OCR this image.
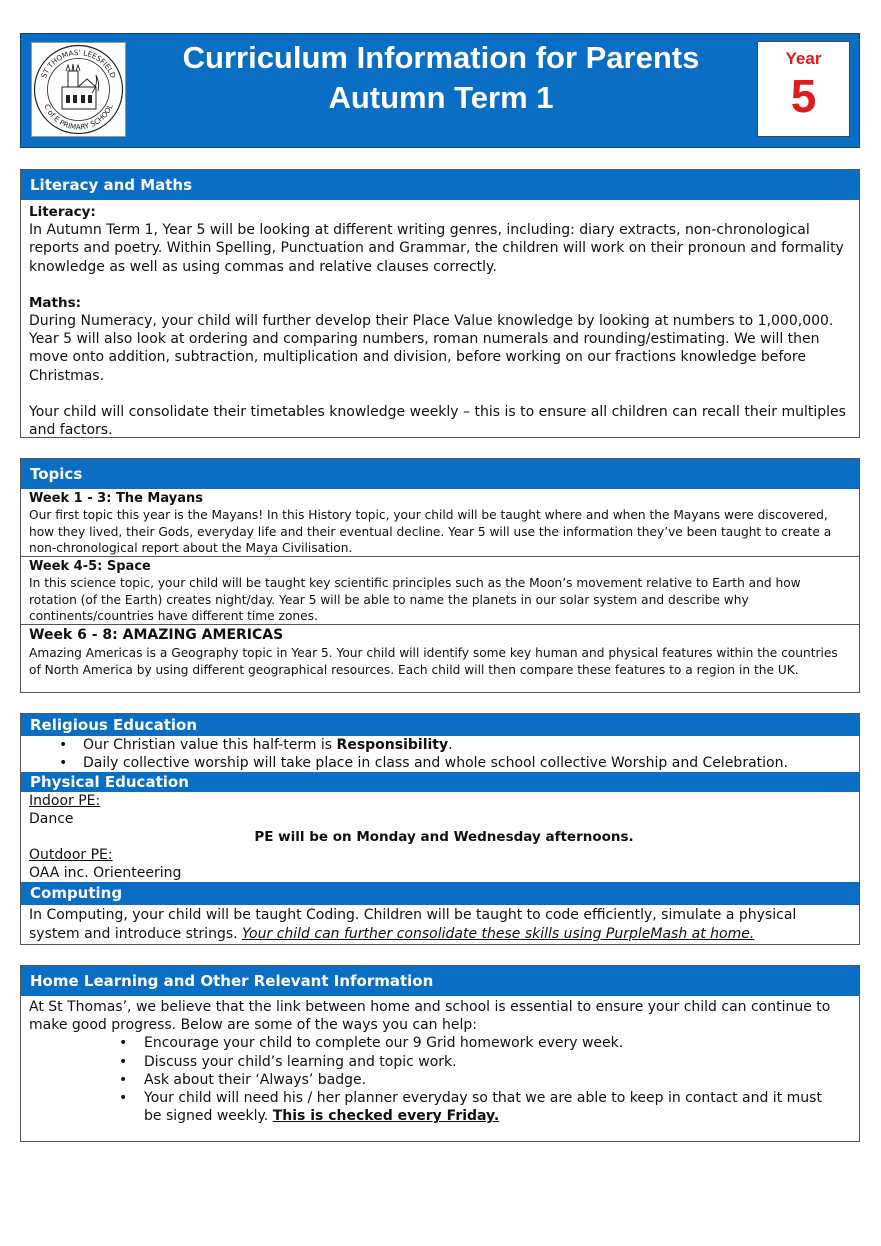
ST THOMAS' LEESFIELD
C of E PRIMARY SCHOOL
Curriculum Information for Parents
Autumn Term 1
Year
5
Literacy and Maths
Literacy:
In Autumn Term 1, Year 5 will be looking at different writing genres, including: diary extracts, non-chronological reports and poetry. Within Spelling, Punctuation and Grammar, the children will work on their pronoun and formality knowledge as well as using commas and relative clauses correctly.
Maths:
During Numeracy, your child will further develop their Place Value knowledge by looking at numbers to 1,000,000. Year 5 will also look at ordering and comparing numbers, roman numerals and rounding/estimating. We will then move onto addition, subtraction, multiplication and division, before working on our fractions knowledge before Christmas.
Your child will consolidate their timetables knowledge weekly – this is to ensure all children can recall their multiples and factors.
Topics
Week 1 - 3: The Mayans
Our first topic this year is the Mayans! In this History topic, your child will be taught where and when the Mayans were discovered, how they lived, their Gods, everyday life and their eventual decline. Year 5 will use the information they’ve been taught to create a non-chronological report about the Maya Civilisation.
Week 4-5: Space
In this science topic, your child will be taught key scientific principles such as the Moon’s movement relative to Earth and how rotation (of the Earth) creates night/day. Year 5 will be able to name the planets in our solar system and describe why continents/countries have different time zones.
Week 6 - 8: AMAZING AMERICAS
Amazing Americas is a Geography topic in Year 5. Your child will identify some key human and physical features within the countries of North America by using different geographical resources. Each child will then compare these features to a region in the UK.
Religious Education
• Our Christian value this half-term is Responsibility.
• Daily collective worship will take place in class and whole school collective Worship and Celebration.
Physical Education
Indoor PE:
Dance
PE will be on Monday and Wednesday afternoons.
Outdoor PE:
OAA inc. Orienteering
Computing
In Computing, your child will be taught Coding. Children will be taught to code efficiently, simulate a physical system and introduce strings. Your child can further consolidate these skills using PurpleMash at home.
Home Learning and Other Relevant Information
At St Thomas’, we believe that the link between home and school is essential to ensure your child can continue to make good progress. Below are some of the ways you can help:
• Encourage your child to complete our 9 Grid homework every week.
• Discuss your child’s learning and topic work.
• Ask about their ‘Always’ badge.
• Your child will need his / her planner everyday so that we are able to keep in contact and it must be signed weekly. This is checked every Friday.
